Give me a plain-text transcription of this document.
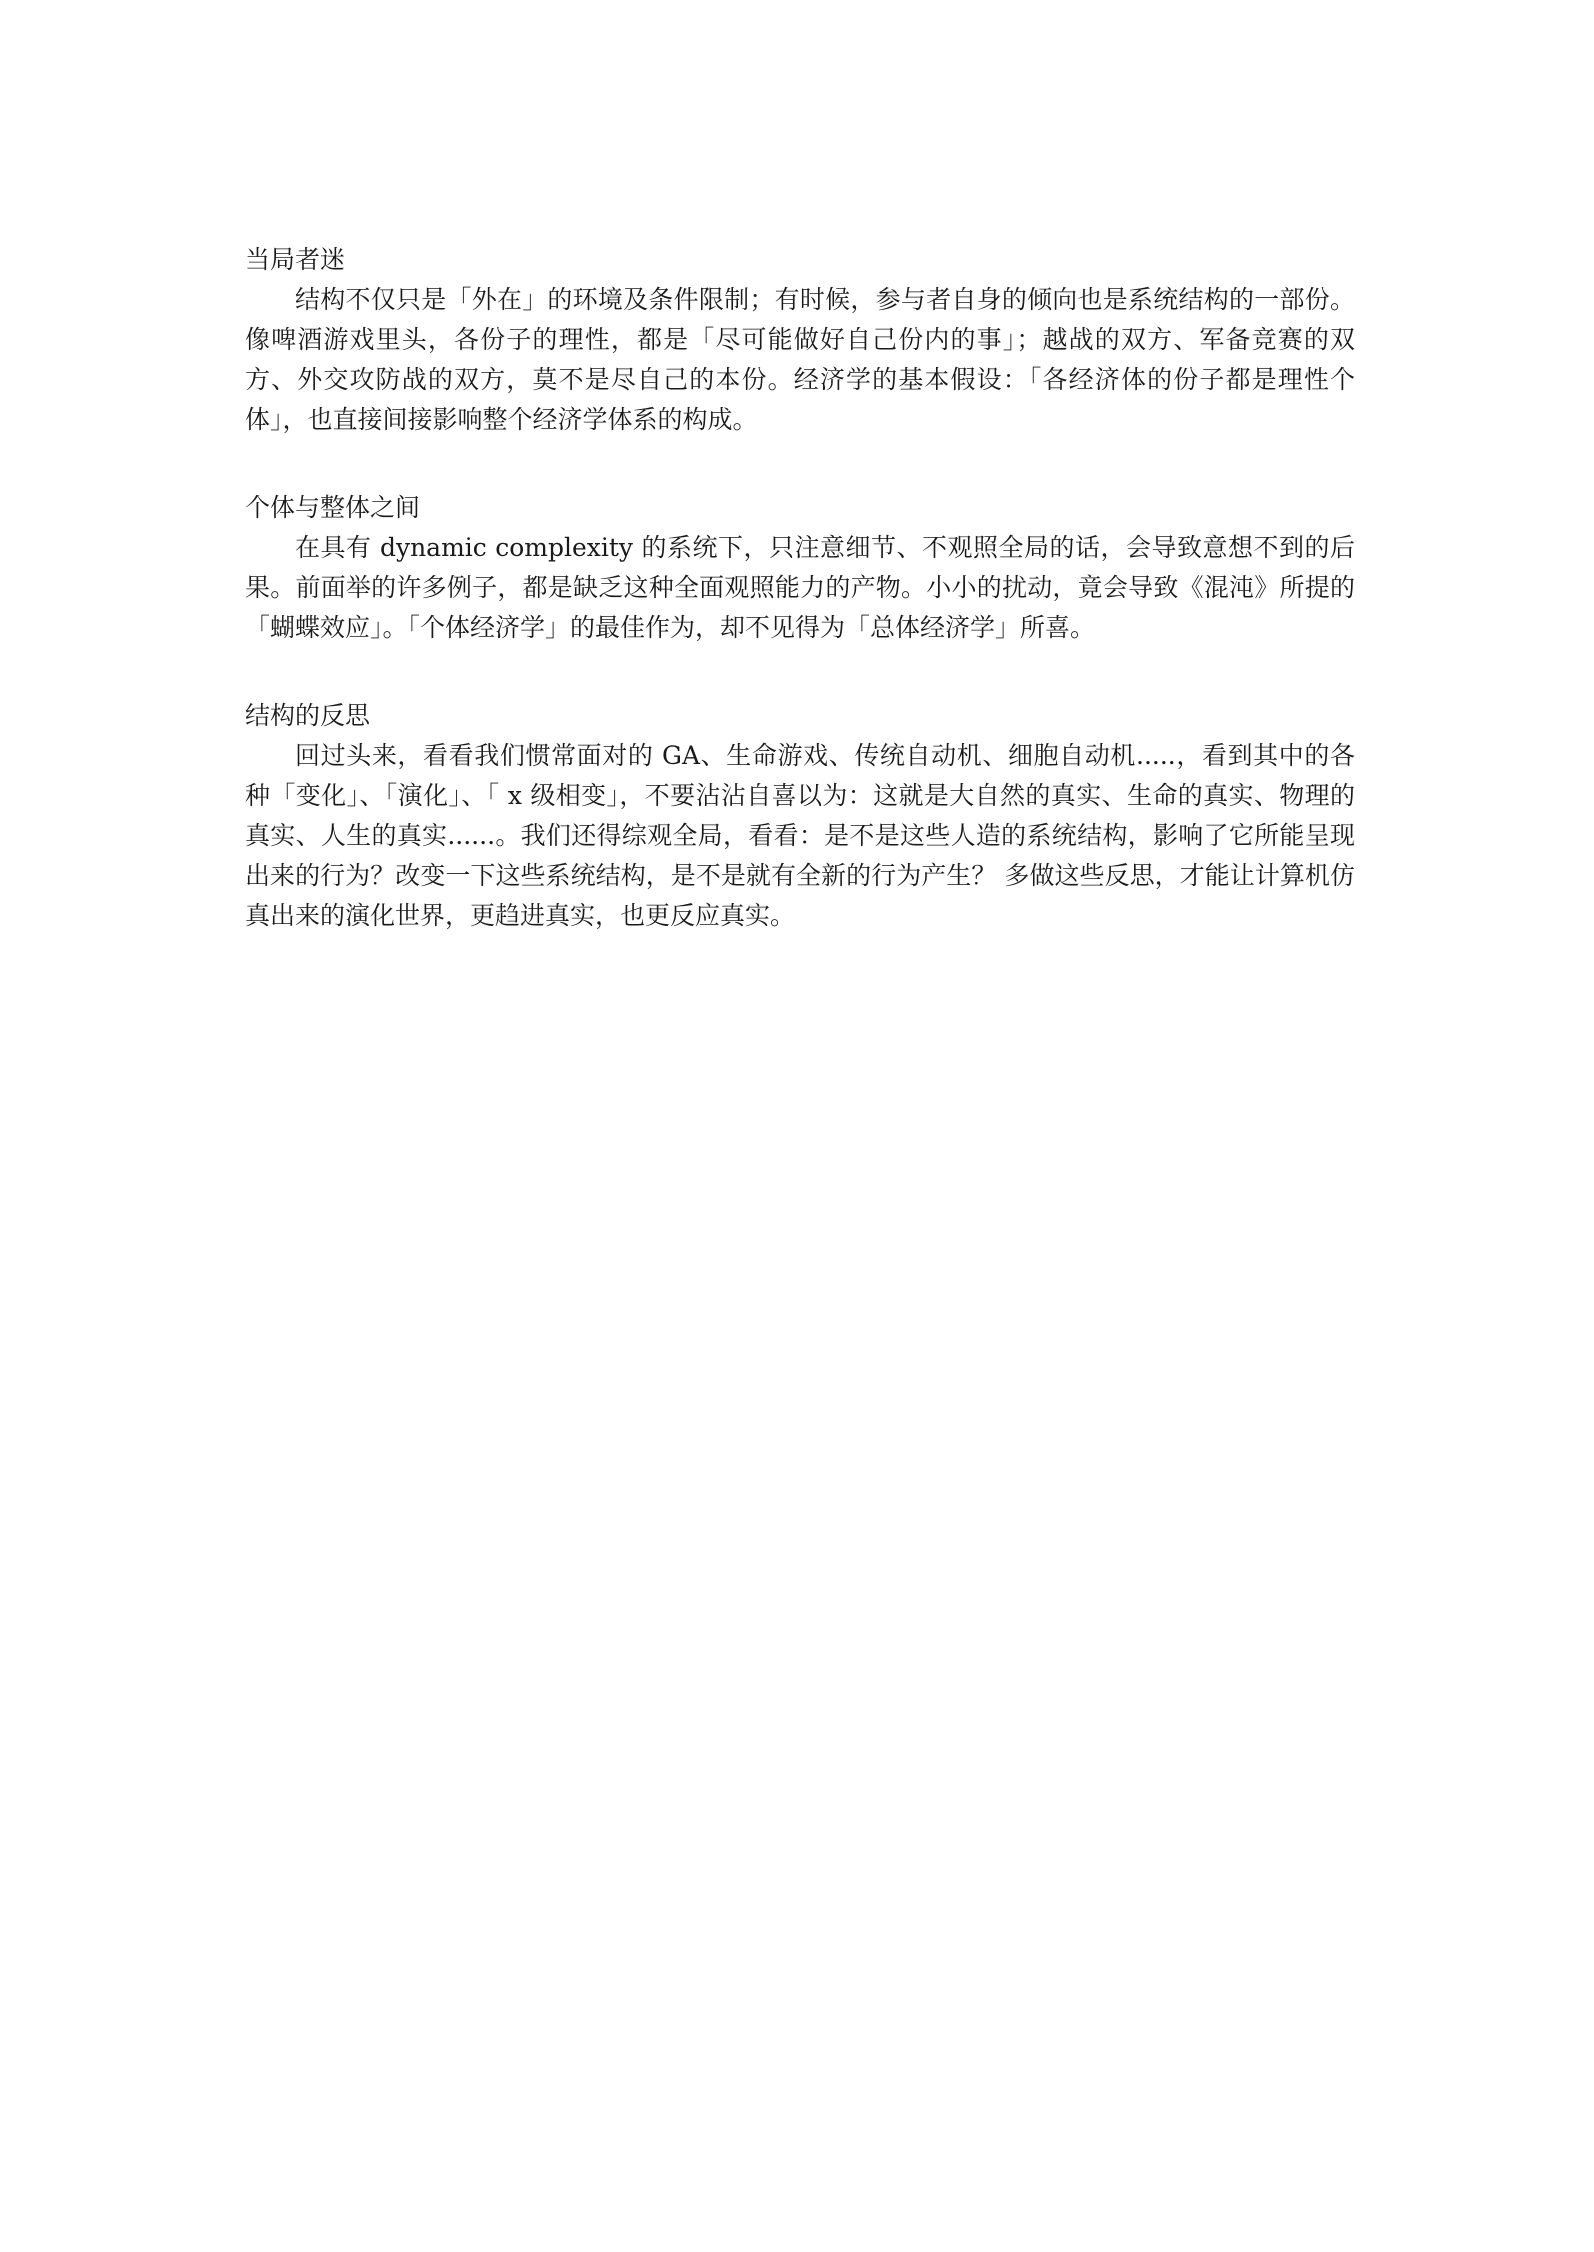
当局者迷

结构不仅只是「外在」的环境及条件限制；有时候，参与者自身的倾向也是系统结构的一部份。像啤酒游戏里头，各份子的理性，都是「尽可能做好自己份内的事」；越战的双方、军备竞赛的双方、外交攻防战的双方，莫不是尽自己的本份。经济学的基本假设：「各经济体的份子都是理性个体」，也直接间接影响整个经济学体系的构成。

个体与整体之间

在具有 dynamic complexity 的系统下，只注意细节、不观照全局的话，会导致意想不到的后果。前面举的许多例子，都是缺乏这种全面观照能力的产物。小小的扰动，竟会导致《混沌》所提的「蝴蝶效应」。「个体经济学」的最佳作为，却不见得为「总体经济学」所喜。

结构的反思

回过头来，看看我们惯常面对的 GA、生命游戏、传统自动机、细胞自动机.....，看到其中的各种「变化」、「演化」、「 x 级相变」，不要沾沾自喜以为：这就是大自然的真实、生命的真实、物理的真实、人生的真实......。我们还得综观全局，看看：是不是这些人造的系统结构，影响了它所能呈现出来的行为？改变一下这些系统结构，是不是就有全新的行为产生？ 多做这些反思，才能让计算机仿真出来的演化世界，更趋进真实，也更反应真实。
